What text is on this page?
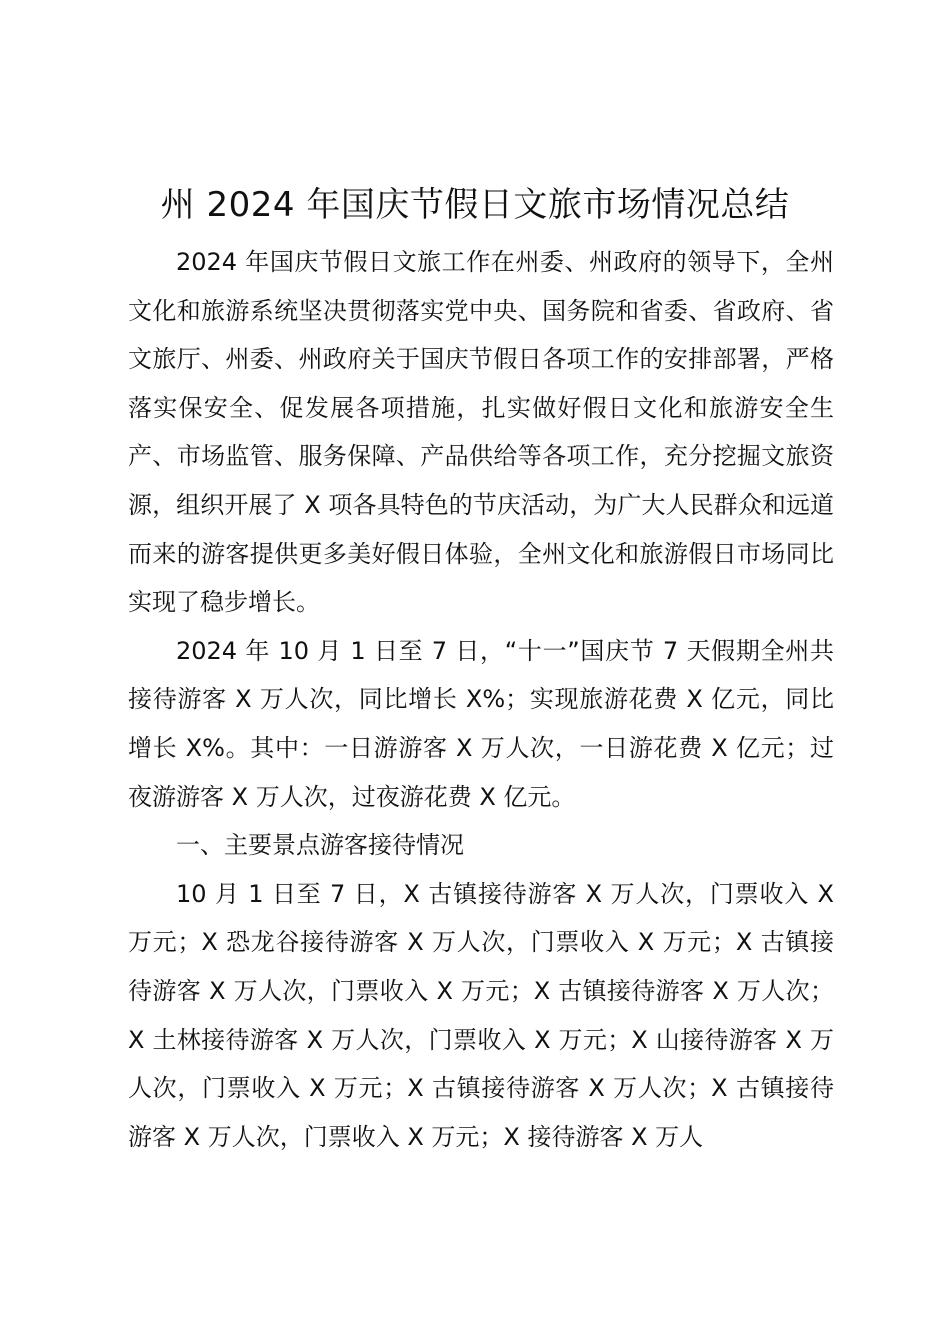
州 2024 年国庆节假日文旅市场情况总结

2024 年国庆节假日文旅工作在州委、州政府的领导下，全州文化和旅游系统坚决贯彻落实党中央、国务院和省委、省政府、省文旅厅、州委、州政府关于国庆节假日各项工作的安排部署，严格落实保安全、促发展各项措施，扎实做好假日文化和旅游安全生产、市场监管、服务保障、产品供给等各项工作，充分挖掘文旅资源，组织开展了 X 项各具特色的节庆活动，为广大人民群众和远道而来的游客提供更多美好假日体验，全州文化和旅游假日市场同比实现了稳步增长。

2024 年 10 月 1 日至 7 日，“十一”国庆节 7 天假期全州共接待游客 X 万人次，同比增长 X%；实现旅游花费 X 亿元，同比增长 X%。其中：一日游游客 X 万人次，一日游花费 X 亿元；过夜游游客 X 万人次，过夜游花费 X 亿元。

一、主要景点游客接待情况

10 月 1 日至 7 日，X 古镇接待游客 X 万人次，门票收入 X 万元；X 恐龙谷接待游客 X 万人次，门票收入 X 万元；X 古镇接待游客 X 万人次，门票收入 X 万元；X 古镇接待游客 X 万人次；X 土林接待游客 X 万人次，门票收入 X 万元；X 山接待游客 X 万人次，门票收入 X 万元；X 古镇接待游客 X 万人次；X 古镇接待游客 X 万人次，门票收入 X 万元；X 接待游客 X 万人
